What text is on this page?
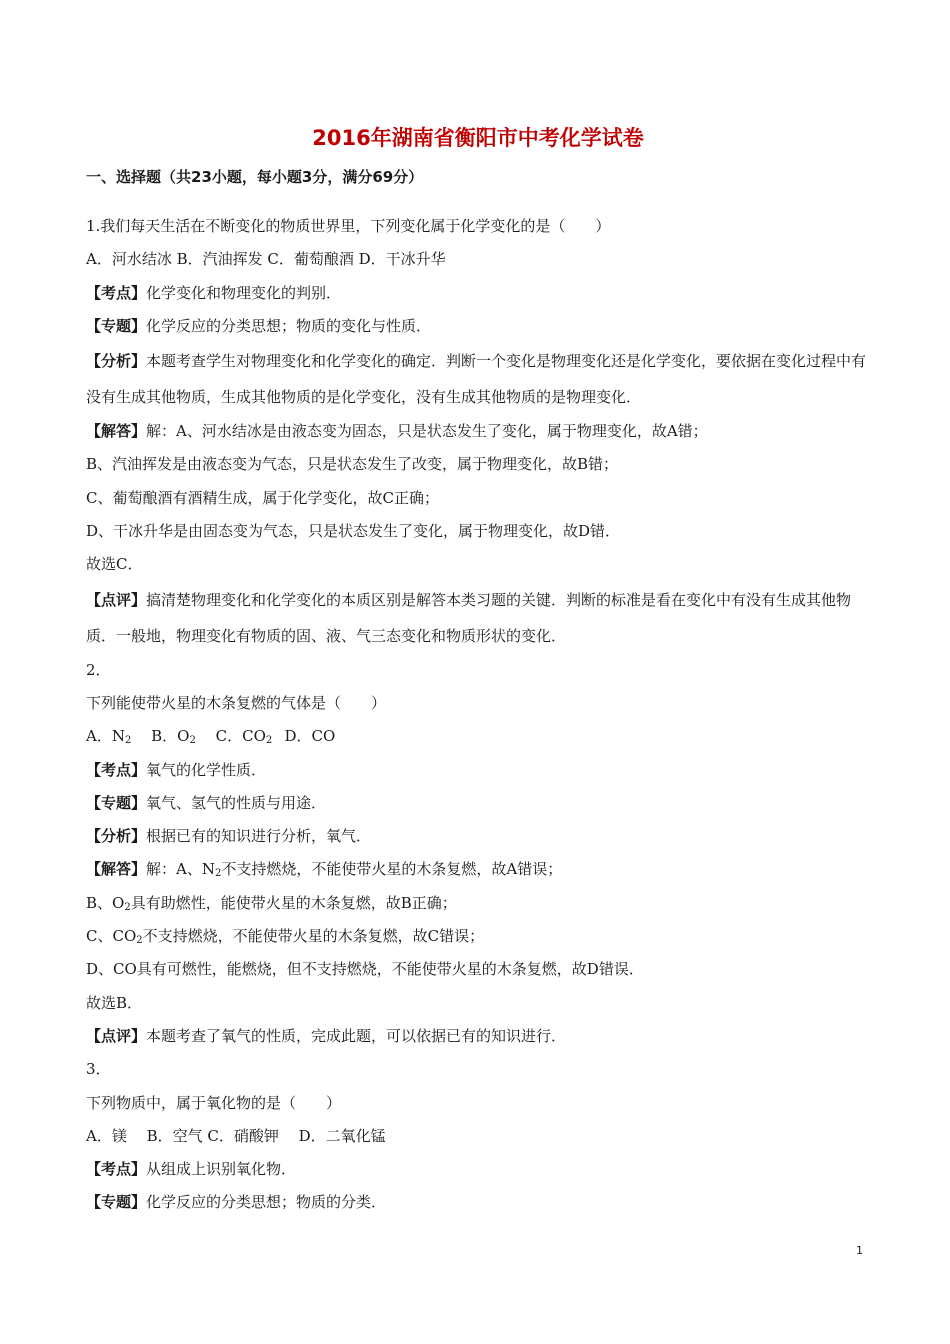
2016年湖南省衡阳市中考化学试卷
一、选择题（共23小题，每小题3分，满分69分）
1.我们每天生活在不断变化的物质世界里，下列变化属于化学变化的是（　　）
A．河水结冰 B．汽油挥发 C．葡萄酿酒 D．干冰升华
【考点】化学变化和物理变化的判别．
【专题】化学反应的分类思想；物质的变化与性质．
【分析】本题考查学生对物理变化和化学变化的确定．判断一个变化是物理变化还是化学变化，要依据在变化过程中有没有生成其他物质，生成其他物质的是化学变化，没有生成其他物质的是物理变化．
【解答】解：A、河水结冰是由液态变为固态，只是状态发生了变化，属于物理变化，故A错；
B、汽油挥发是由液态变为气态，只是状态发生了改变，属于物理变化，故B错；
C、葡萄酿酒有酒精生成，属于化学变化，故C正确；
D、干冰升华是由固态变为气态，只是状态发生了变化，属于物理变化，故D错．
故选C．
【点评】搞清楚物理变化和化学变化的本质区别是解答本类习题的关键．判断的标准是看在变化中有没有生成其他物质．一般地，物理变化有物质的固、液、气三态变化和物质形状的变化．
2．
下列能使带火星的木条复燃的气体是（　　）
A．$N_2$　 B．$O_2$　 C．$CO_2$  D．CO
【考点】氧气的化学性质．
【专题】氧气、氢气的性质与用途．
【分析】根据已有的知识进行分析，氧气．
【解答】解：A、$N_2$不支持燃烧，不能使带火星的木条复燃，故A错误；
B、$O_2$具有助燃性，能使带火星的木条复燃，故B正确；
C、$CO_2$不支持燃烧，不能使带火星的木条复燃，故C错误；
D、CO具有可燃性，能燃烧，但不支持燃烧，不能使带火星的木条复燃，故D错误．
故选B．
【点评】本题考查了氧气的性质，完成此题，可以依据已有的知识进行．
3．
下列物质中，属于氧化物的是（　　）
A．镁　 B．空气 C．硝酸钾　 D．二氧化锰
【考点】从组成上识别氧化物．
【专题】化学反应的分类思想；物质的分类．
1
